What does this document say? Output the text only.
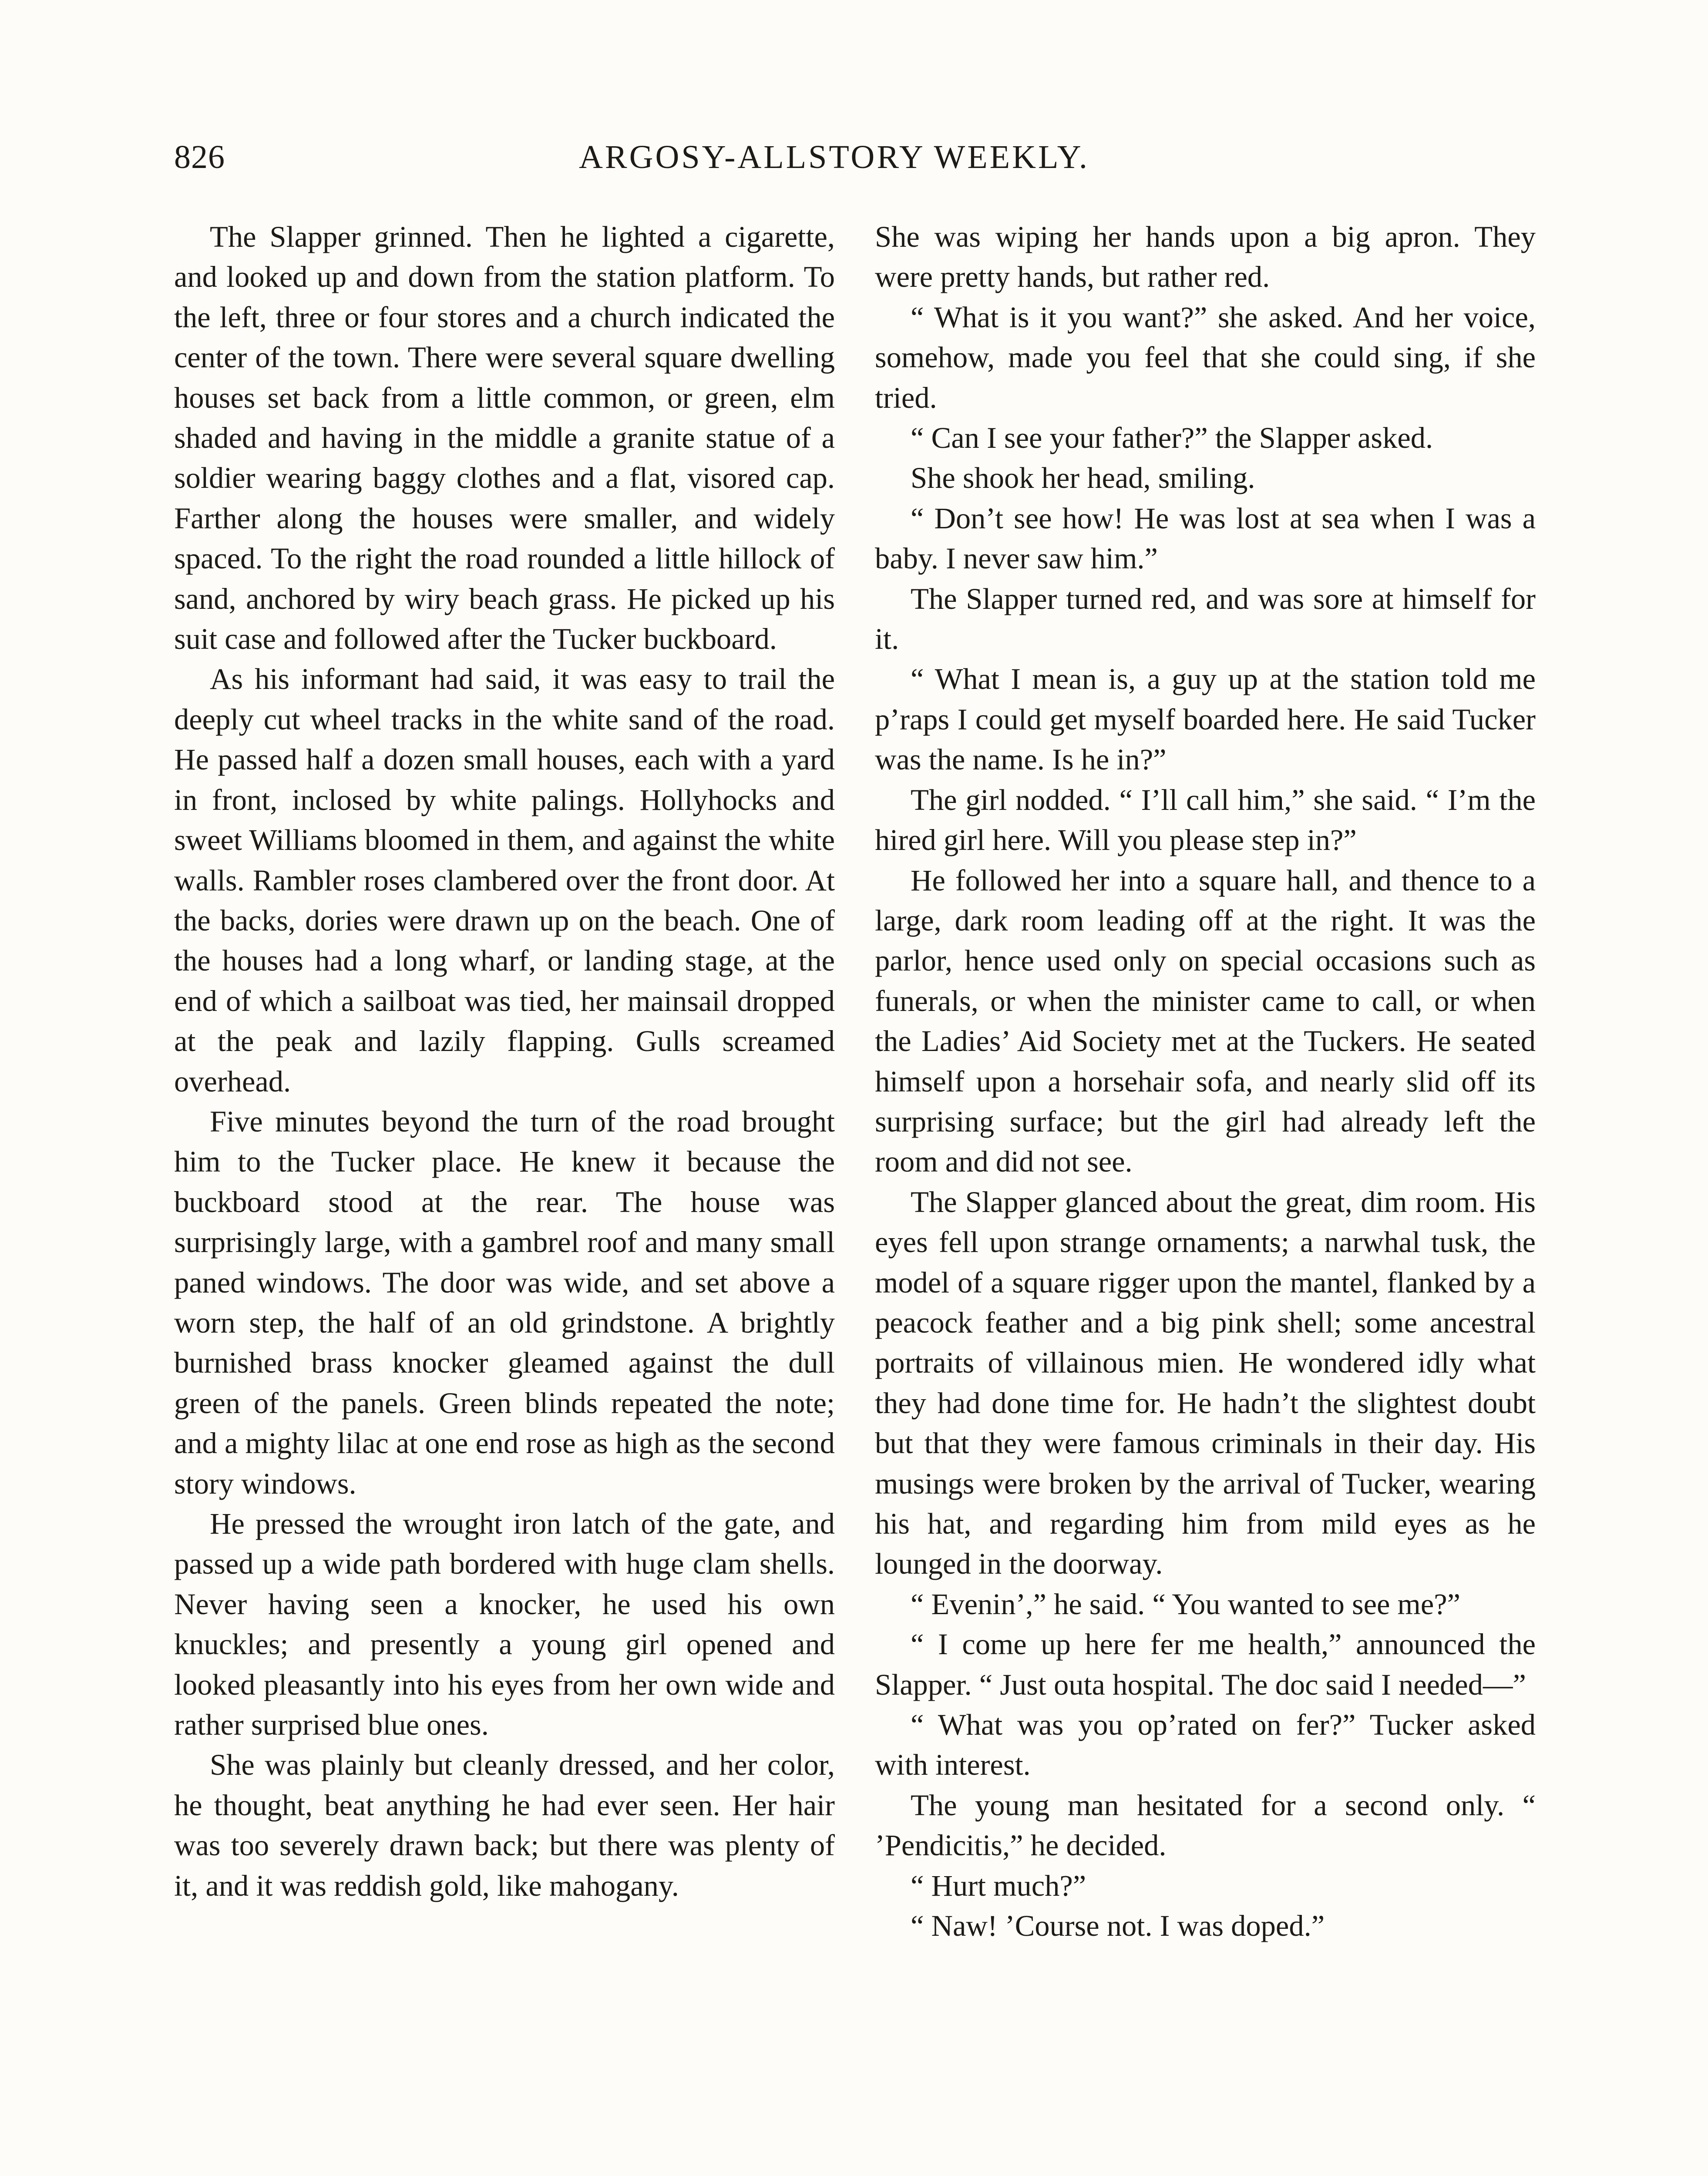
826	ARGOSY-ALLSTORY WEEKLY.

The Slapper grinned. Then he lighted a cigarette, and looked up and down from the station platform. To the left, three or four stores and a church indicated the center of the town. There were several square dwelling houses set back from a little common, or green, elm shaded and having in the middle a granite statue of a soldier wearing baggy clothes and a flat, visored cap. Farther along the houses were smaller, and widely spaced. To the right the road rounded a little hillock of sand, anchored by wiry beach grass. He picked up his suit case and followed after the Tucker buckboard.

As his informant had said, it was easy to trail the deeply cut wheel tracks in the white sand of the road. He passed half a dozen small houses, each with a yard in front, inclosed by white palings. Hollyhocks and sweet Williams bloomed in them, and against the white walls. Rambler roses clambered over the front door. At the backs, dories were drawn up on the beach. One of the houses had a long wharf, or landing stage, at the end of which a sailboat was tied, her mainsail dropped at the peak and lazily flapping. Gulls screamed overhead.

Five minutes beyond the turn of the road brought him to the Tucker place. He knew it because the buckboard stood at the rear. The house was surprisingly large, with a gambrel roof and many small paned windows. The door was wide, and set above a worn step, the half of an old grindstone. A brightly burnished brass knocker gleamed against the dull green of the panels. Green blinds repeated the note; and a mighty lilac at one end rose as high as the second story windows.

He pressed the wrought iron latch of the gate, and passed up a wide path bordered with huge clam shells. Never having seen a knocker, he used his own knuckles; and presently a young girl opened and looked pleasantly into his eyes from her own wide and rather surprised blue ones.

She was plainly but cleanly dressed, and her color, he thought, beat anything he had ever seen. Her hair was too severely drawn back; but there was plenty of it, and it was reddish gold, like mahogany.

She was wiping her hands upon a big apron. They were pretty hands, but rather red.

“ What is it you want?” she asked. And her voice, somehow, made you feel that she could sing, if she tried.

“ Can I see your father?” the Slapper asked.

She shook her head, smiling.

“ Don’t see how! He was lost at sea when I was a baby. I never saw him.”

The Slapper turned red, and was sore at himself for it.

“ What I mean is, a guy up at the station told me p’raps I could get myself boarded here. He said Tucker was the name. Is he in?”

The girl nodded. “ I’ll call him,” she said. “ I’m the hired girl here. Will you please step in?”

He followed her into a square hall, and thence to a large, dark room leading off at the right. It was the parlor, hence used only on special occasions such as funerals, or when the minister came to call, or when the Ladies’ Aid Society met at the Tuckers. He seated himself upon a horsehair sofa, and nearly slid off its surprising surface; but the girl had already left the room and did not see.

The Slapper glanced about the great, dim room. His eyes fell upon strange ornaments; a narwhal tusk, the model of a square rigger upon the mantel, flanked by a peacock feather and a big pink shell; some ancestral portraits of villainous mien. He wondered idly what they had done time for. He hadn’t the slightest doubt but that they were famous criminals in their day. His musings were broken by the arrival of Tucker, wearing his hat, and regarding him from mild eyes as he lounged in the doorway.

“ Evenin’,” he said. “ You wanted to see me?”

“ I come up here fer me health,” announced the Slapper. “ Just outa hospital. The doc said I needed—”

“ What was you op’rated on fer?” Tucker asked with interest.

The young man hesitated for a second only. “ ’Pendicitis,” he decided.

“ Hurt much?”

“ Naw! ’Course not. I was doped.”
